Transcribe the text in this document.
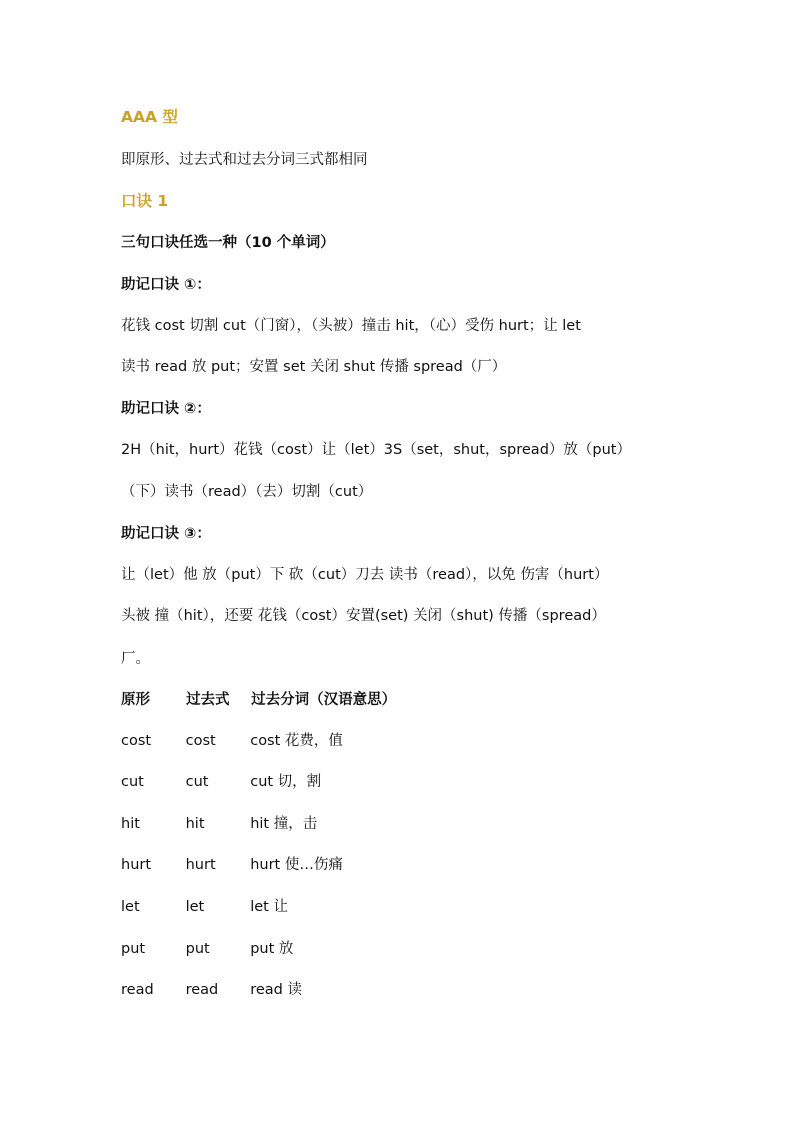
AAA 型
即原形、过去式和过去分词三式都相同
口诀 1
三句口诀任选一种（10 个单词）
助记口诀 ①：
花钱 cost 切割 cut（门窗），（头被）撞击 hit，（心）受伤 hurt；让 let
读书 read 放 put；安置 set 关闭 shut 传播 spread（厂）
助记口诀 ②：
2H（hit，hurt）花钱（cost）让（let）3S（set，shut，spread）放（put）
（下）读书（read）（去）切割（cut）
助记口诀 ③：
让（let）他 放（put）下 砍（cut）刀去 读书（read），以免 伤害（hurt）
头被 撞（hit），还要 花钱（cost）安置(set) 关闭（shut) 传播（spread）
厂。
原形 过去式 过去分词（汉语意思）
cost cost cost 花费，值
cut	cut	cut 切，割
hit	hit	hit 撞，击
hurt hurt hurt 使…伤痛
let	let	let 让
put	put	put 放
read read read 读
